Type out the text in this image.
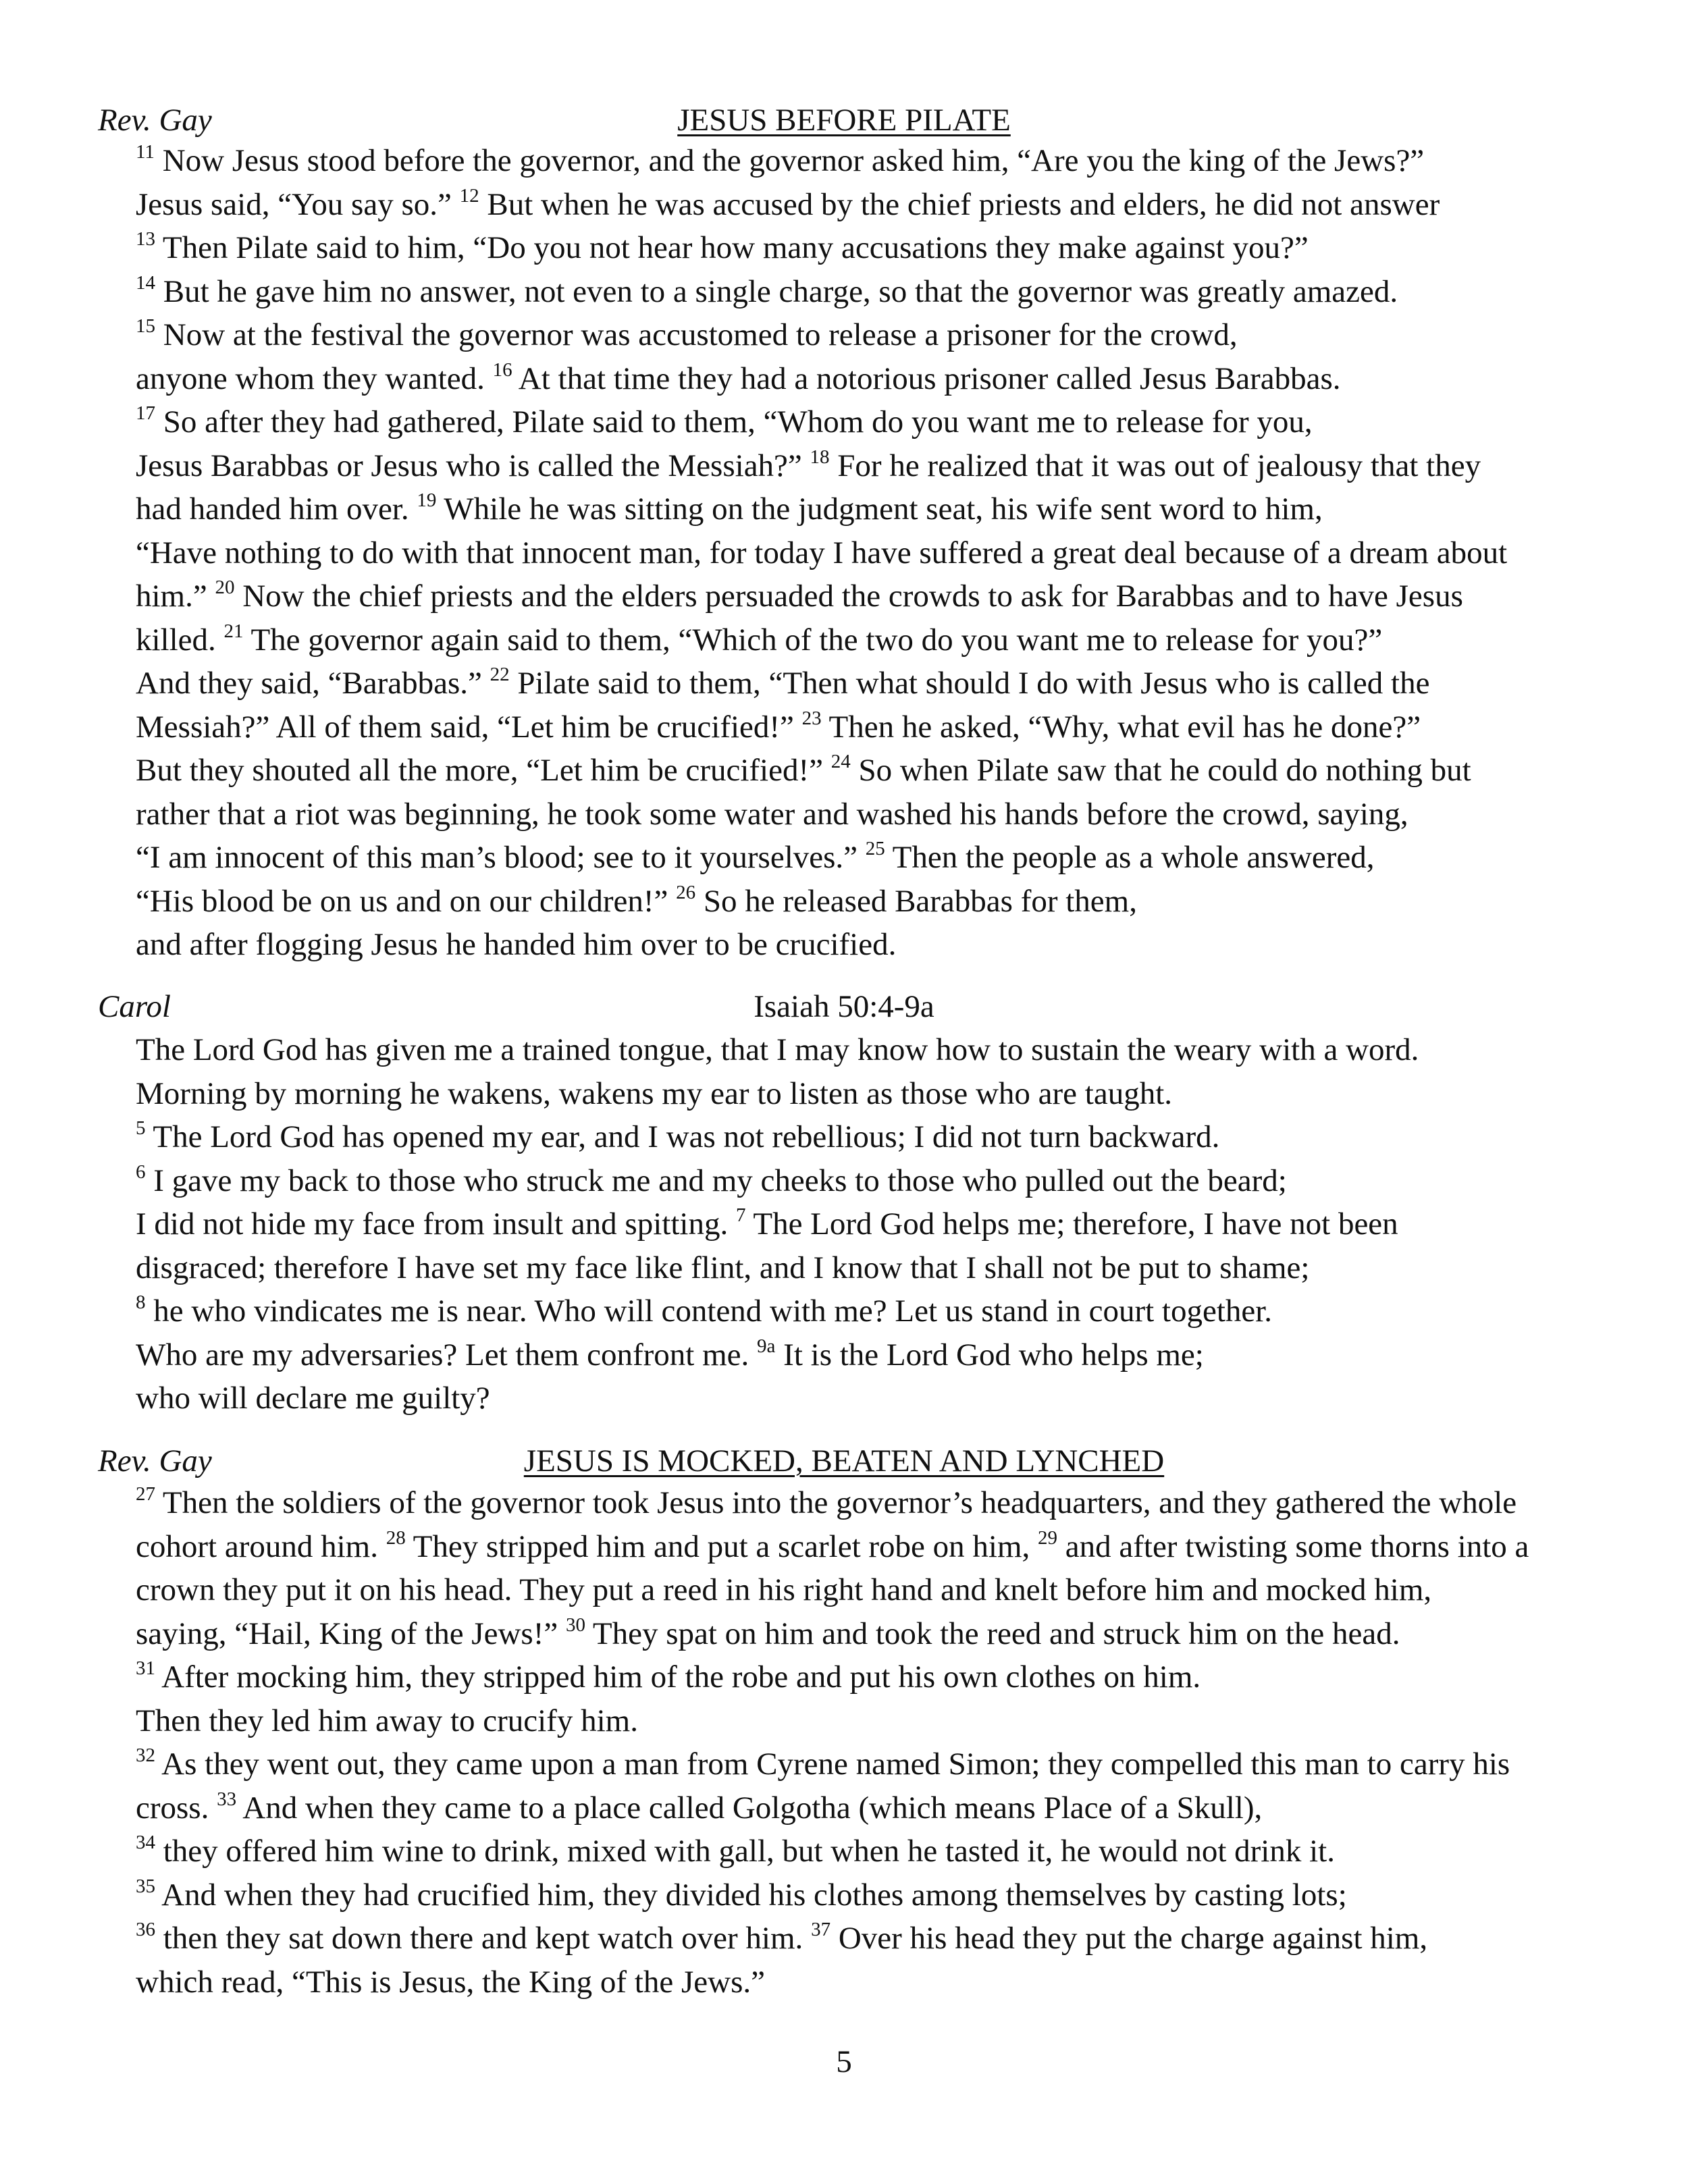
Rev. Gay	JESUS BEFORE PILATE
$^{11}$ Now Jesus stood before the governor, and the governor asked him, “Are you the king of the Jews?”
Jesus said, “You say so.” $^{12}$ But when he was accused by the chief priests and elders, he did not answer
$^{13}$ Then Pilate said to him, “Do you not hear how many accusations they make against you?”
$^{14}$ But he gave him no answer, not even to a single charge, so that the governor was greatly amazed.
$^{15}$ Now at the festival the governor was accustomed to release a prisoner for the crowd,
anyone whom they wanted. $^{16}$ At that time they had a notorious prisoner called Jesus Barabbas.
$^{17}$ So after they had gathered, Pilate said to them, “Whom do you want me to release for you,
Jesus Barabbas or Jesus who is called the Messiah?” $^{18}$ For he realized that it was out of jealousy that they
had handed him over. $^{19}$ While he was sitting on the judgment seat, his wife sent word to him,
“Have nothing to do with that innocent man, for today I have suffered a great deal because of a dream about
him.” $^{20}$ Now the chief priests and the elders persuaded the crowds to ask for Barabbas and to have Jesus
killed. $^{21}$ The governor again said to them, “Which of the two do you want me to release for you?”
And they said, “Barabbas.” $^{22}$ Pilate said to them, “Then what should I do with Jesus who is called the
Messiah?” All of them said, “Let him be crucified!” $^{23}$ Then he asked, “Why, what evil has he done?”
But they shouted all the more, “Let him be crucified!” $^{24}$ So when Pilate saw that he could do nothing but
rather that a riot was beginning, he took some water and washed his hands before the crowd, saying,
“I am innocent of this man’s blood; see to it yourselves.” $^{25}$ Then the people as a whole answered,
“His blood be on us and on our children!” $^{26}$ So he released Barabbas for them,
and after flogging Jesus he handed him over to be crucified.
Carol	Isaiah 50:4-9a
The Lord God has given me a trained tongue, that I may know how to sustain the weary with a word.
Morning by morning he wakens, wakens my ear to listen as those who are taught.
$^5$ The Lord God has opened my ear, and I was not rebellious; I did not turn backward.
$^6$ I gave my back to those who struck me and my cheeks to those who pulled out the beard;
I did not hide my face from insult and spitting. $^7$ The Lord God helps me; therefore, I have not been
disgraced; therefore I have set my face like flint, and I know that I shall not be put to shame;
$^8$ he who vindicates me is near. Who will contend with me? Let us stand in court together.
Who are my adversaries? Let them confront me. $^{9a}$ It is the Lord God who helps me;
who will declare me guilty?
Rev. Gay	JESUS IS MOCKED, BEATEN AND LYNCHED
$^{27}$ Then the soldiers of the governor took Jesus into the governor’s headquarters, and they gathered the whole
cohort around him. $^{28}$ They stripped him and put a scarlet robe on him, $^{29}$ and after twisting some thorns into a
crown they put it on his head. They put a reed in his right hand and knelt before him and mocked him,
saying, “Hail, King of the Jews!” $^{30}$ They spat on him and took the reed and struck him on the head.
$^{31}$ After mocking him, they stripped him of the robe and put his own clothes on him.
Then they led him away to crucify him.
$^{32}$ As they went out, they came upon a man from Cyrene named Simon; they compelled this man to carry his
cross. $^{33}$ And when they came to a place called Golgotha (which means Place of a Skull),
$^{34}$ they offered him wine to drink, mixed with gall, but when he tasted it, he would not drink it.
$^{35}$ And when they had crucified him, they divided his clothes among themselves by casting lots;
$^{36}$ then they sat down there and kept watch over him. $^{37}$ Over his head they put the charge against him,
which read, “This is Jesus, the King of the Jews.”
5
